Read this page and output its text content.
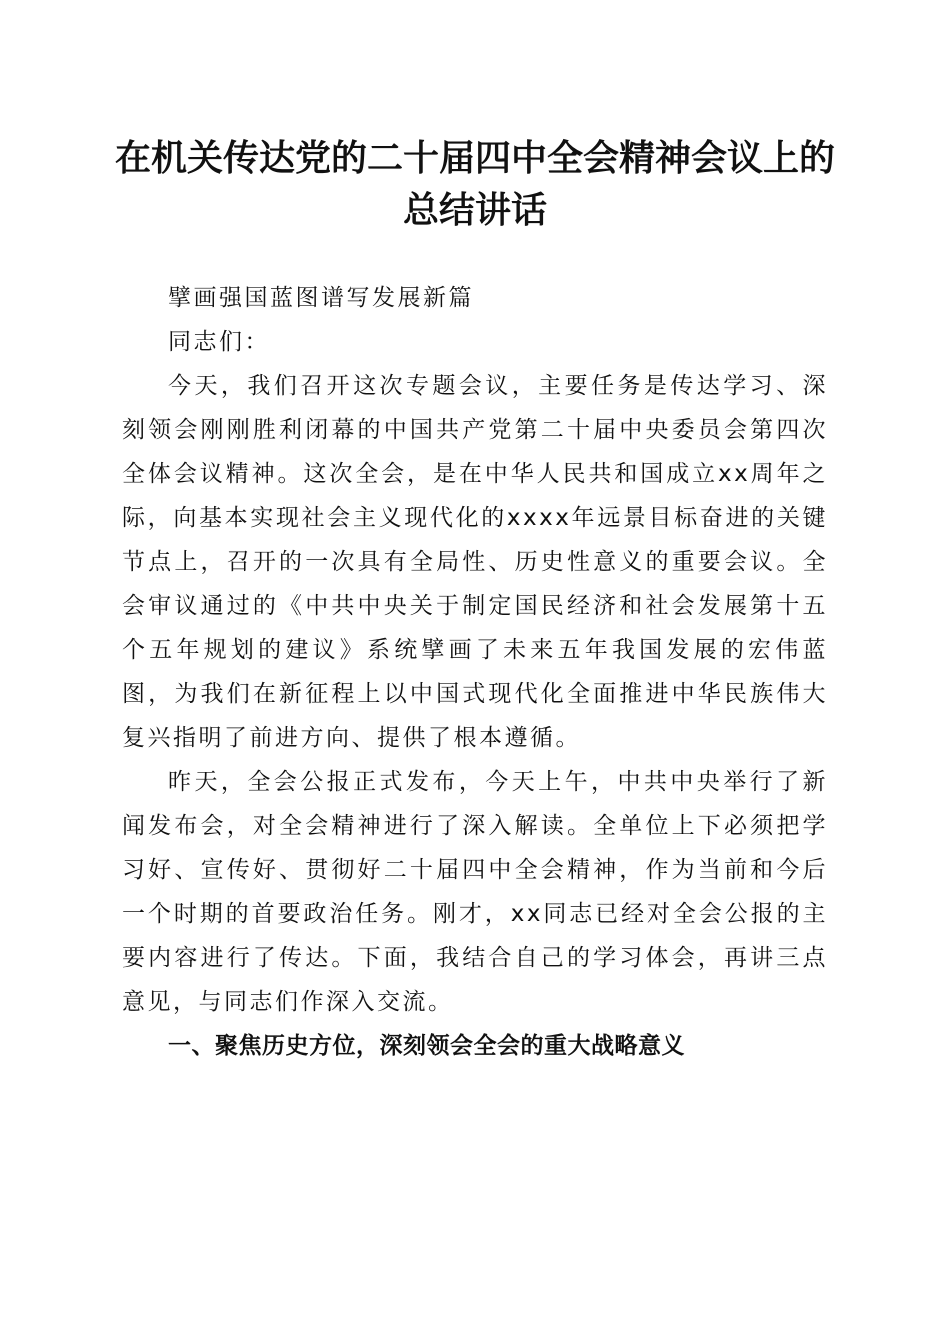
在机关传达党的二十届四中全会精神会议上的
总结讲话

擘画强国蓝图谱写发展新篇

同志们：

今天，我们召开这次专题会议，主要任务是传达学习、深刻领会刚刚胜利闭幕的中国共产党第二十届中央委员会第四次全体会议精神。这次全会，是在中华人民共和国成立xx周年之际，向基本实现社会主义现代化的xxxx年远景目标奋进的关键节点上，召开的一次具有全局性、历史性意义的重要会议。全会审议通过的《中共中央关于制定国民经济和社会发展第十五个五年规划的建议》系统擘画了未来五年我国发展的宏伟蓝图，为我们在新征程上以中国式现代化全面推进中华民族伟大复兴指明了前进方向、提供了根本遵循。

昨天，全会公报正式发布，今天上午，中共中央举行了新闻发布会，对全会精神进行了深入解读。全单位上下必须把学习好、宣传好、贯彻好二十届四中全会精神，作为当前和今后一个时期的首要政治任务。刚才，xx同志已经对全会公报的主要内容进行了传达。下面，我结合自己的学习体会，再讲三点意见，与同志们作深入交流。

一、聚焦历史方位，深刻领会全会的重大战略意义
